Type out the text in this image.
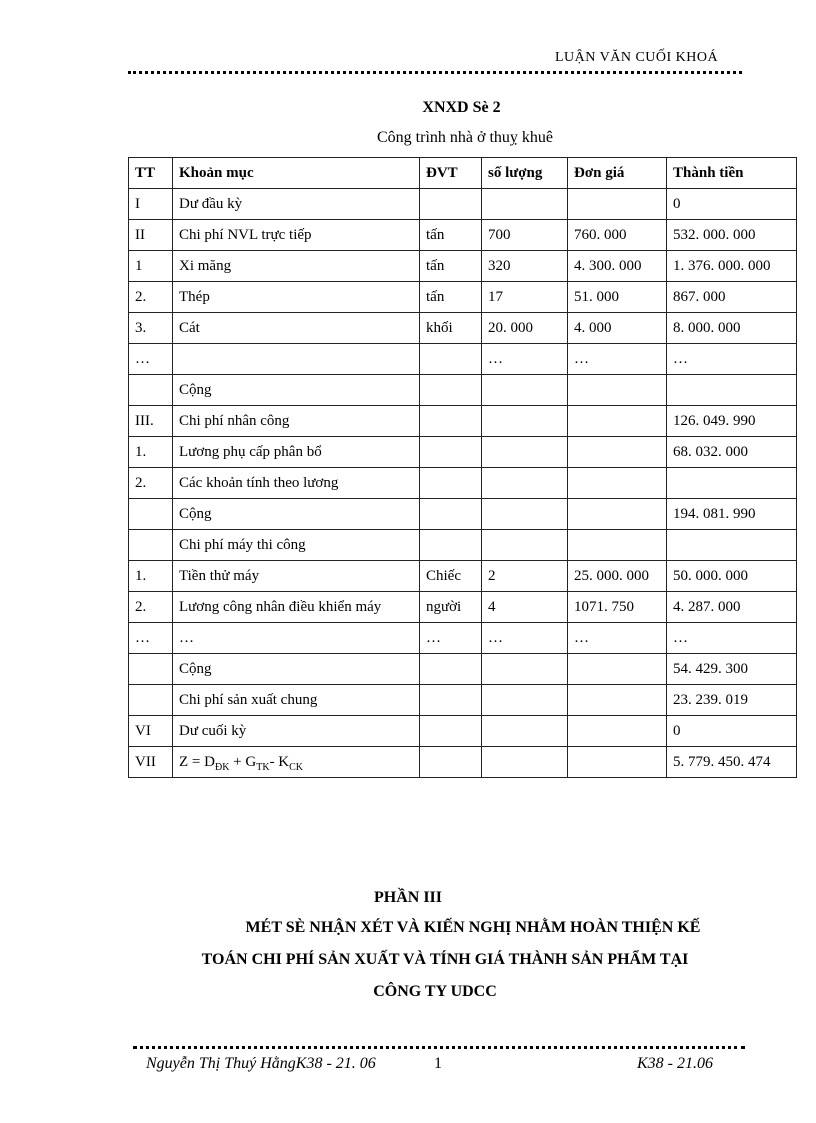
LUẬN VĂN CUỐI KHOÁ
XNXD Sè 2
Công trình nhà ở thuỵ khuê
TT	Khoản mục	ĐVT	số lượng	Đơn giá	Thành tiền
I	Dư đầu kỳ				0
II	Chi phí NVL trực tiếp	tấn	700	760. 000	532. 000. 000
1	Xi măng	tấn	320	4. 300. 000	1. 376. 000. 000
2.	Thép	tấn	17	51. 000	867. 000
3.	Cát	khối	20. 000	4. 000	8. 000. 000
…			…	…	…
	Cộng				
III.	Chi phí nhân công				126. 049. 990
1.	Lương phụ cấp phân bổ				68. 032. 000
2.	Các khoản tính theo lương				
	Cộng				194. 081. 990
	Chi phí máy thi công				
1.	Tiền thử máy	Chiếc	2	25. 000. 000	50. 000. 000
2.	Lương công nhân điều khiển máy	người	4	1071. 750	4. 287. 000
…	…	…	…	…	…
	Cộng				54. 429. 300
	Chi phí sản xuất chung				23. 239. 019
VI	Dư cuối kỳ				0
VII	$Z = D_{ĐK} + G_{TK}-$ $K_{CK}$				5. 779. 450. 474
PHẦN III
MÉT SÈ NHẬN XÉT VÀ KIẾN NGHỊ NHẰM HOÀN THIỆN KẾ
TOÁN CHI PHÍ SẢN XUẤT VÀ TÍNH GIÁ THÀNH SẢN PHẨM TẠI
CÔNG TY UDCC
Nguyễn Thị Thuý HằngK38 - 21. 06	1	K38 - 21.06
